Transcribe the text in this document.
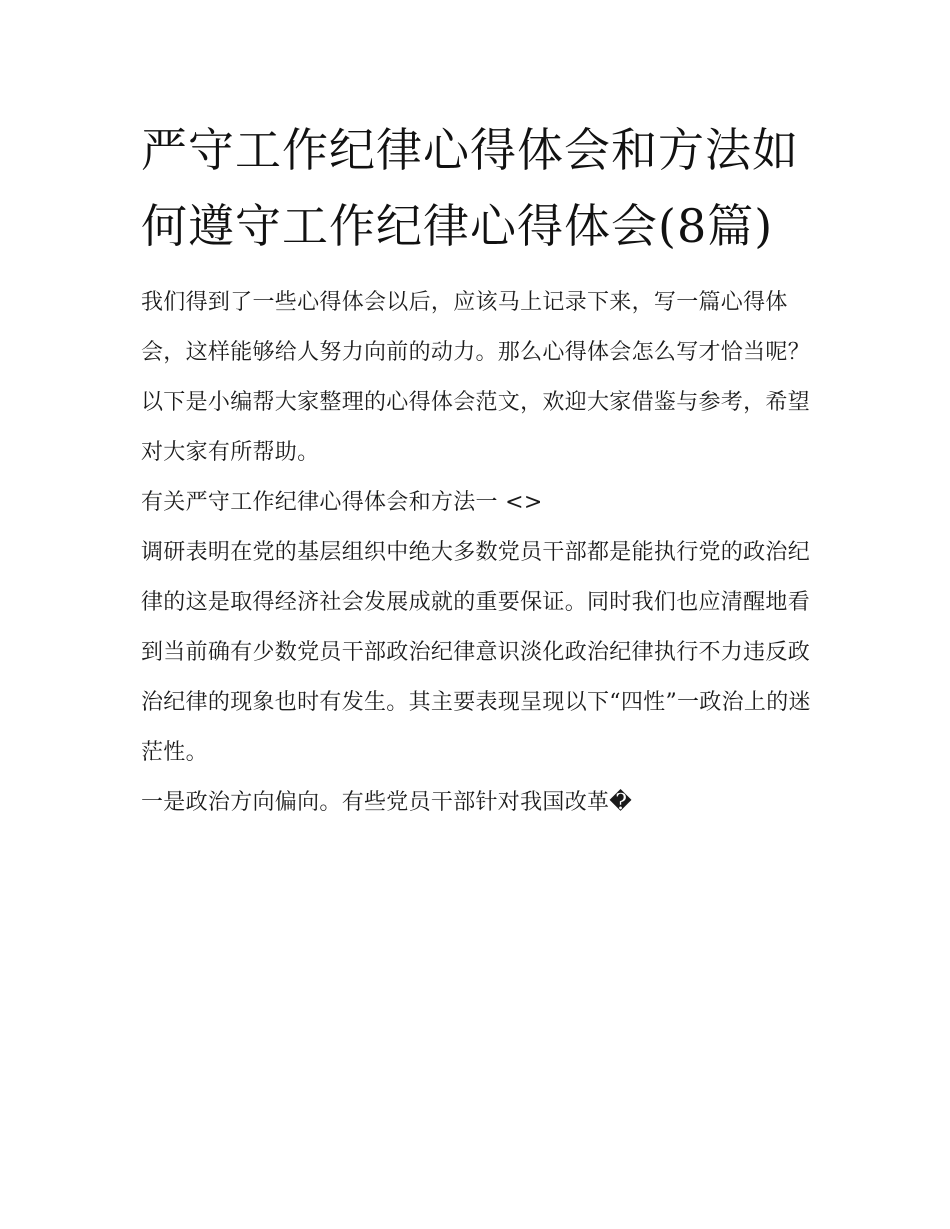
严守工作纪律心得体会和方法如何遵守工作纪律心得体会(8篇)

我们得到了一些心得体会以后，应该马上记录下来，写一篇心得体会，这样能够给人努力向前的动力。那么心得体会怎么写才恰当呢？以下是小编帮大家整理的心得体会范文，欢迎大家借鉴与参考，希望对大家有所帮助。

有关严守工作纪律心得体会和方法一 <>

调研表明在党的基层组织中绝大多数党员干部都是能执行党的政治纪律的这是取得经济社会发展成就的重要保证。同时我们也应清醒地看到当前确有少数党员干部政治纪律意识淡化政治纪律执行不力违反政治纪律的现象也时有发生。其主要表现呈现以下“四性”一政治上的迷茫性。

一是政治方向偏向。有些党员干部针对我国改革�
